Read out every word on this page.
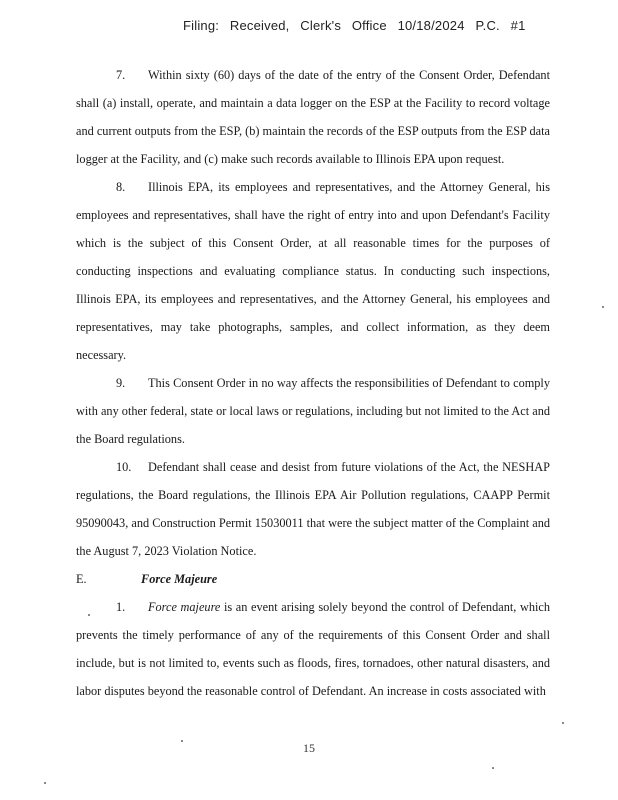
Filing: Received, Clerk's Office 10/18/2024 P.C. #1

7. Within sixty (60) days of the date of the entry of the Consent Order, Defendant shall (a) install, operate, and maintain a data logger on the ESP at the Facility to record voltage and current outputs from the ESP, (b) maintain the records of the ESP outputs from the ESP data logger at the Facility, and (c) make such records available to Illinois EPA upon request.

8. Illinois EPA, its employees and representatives, and the Attorney General, his employees and representatives, shall have the right of entry into and upon Defendant's Facility which is the subject of this Consent Order, at all reasonable times for the purposes of conducting inspections and evaluating compliance status. In conducting such inspections, Illinois EPA, its employees and representatives, and the Attorney General, his employees and representatives, may take photographs, samples, and collect information, as they deem necessary.

9. This Consent Order in no way affects the responsibilities of Defendant to comply with any other federal, state or local laws or regulations, including but not limited to the Act and the Board regulations.

10. Defendant shall cease and desist from future violations of the Act, the NESHAP regulations, the Board regulations, the Illinois EPA Air Pollution regulations, CAAPP Permit 95090043, and Construction Permit 15030011 that were the subject matter of the Complaint and the August 7, 2023 Violation Notice.

E.	Force Majeure

1. Force majeure is an event arising solely beyond the control of Defendant, which prevents the timely performance of any of the requirements of this Consent Order and shall include, but is not limited to, events such as floods, fires, tornadoes, other natural disasters, and labor disputes beyond the reasonable control of Defendant. An increase in costs associated with

15
